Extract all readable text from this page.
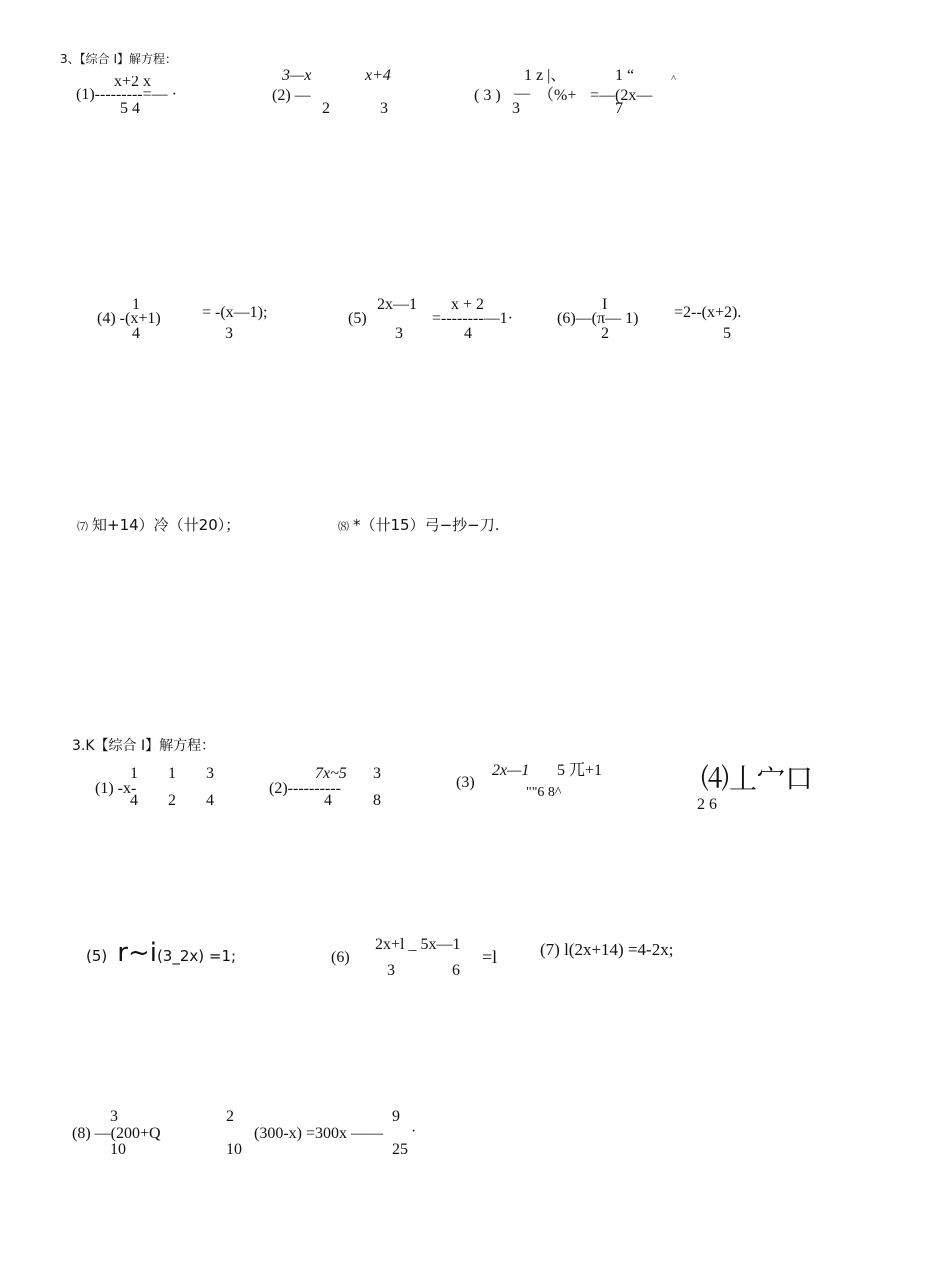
3、【综合 I】解方程：
x+2 x
(1)---------=— ·
5 4
3—x	x+4
(2) —
2	3
1 z |、	1 “	^
( 3 ) — （%+ =—(2x—
3	7
1
(4) -(x+1)	= -(x—1);
4	3
2x—1 x + 2
(5)	=--------—1·
3	4
I
(6)—(π— 1) =2--(x+2).
2	5
⑺ 知+14）冷（卄20）；	⑻ *（卄15）弓−抄−刀.
3.K【综合 I】解方程：
1 1 3
(1) -x-
4 2 4
7x~5 3
(2)----------
4	8
(3)
2x—1 5 兀+1
""6 8^	⑷丄宀口
2 6
(5) r~i(3_2x) =1;	(6)
2x+l _ 5x—1
=l
3	6
(7) l(2x+14) =4-2x;
3	2	9
(8) —(200+Q	(300-x) =300x —— ·
10	10	25
